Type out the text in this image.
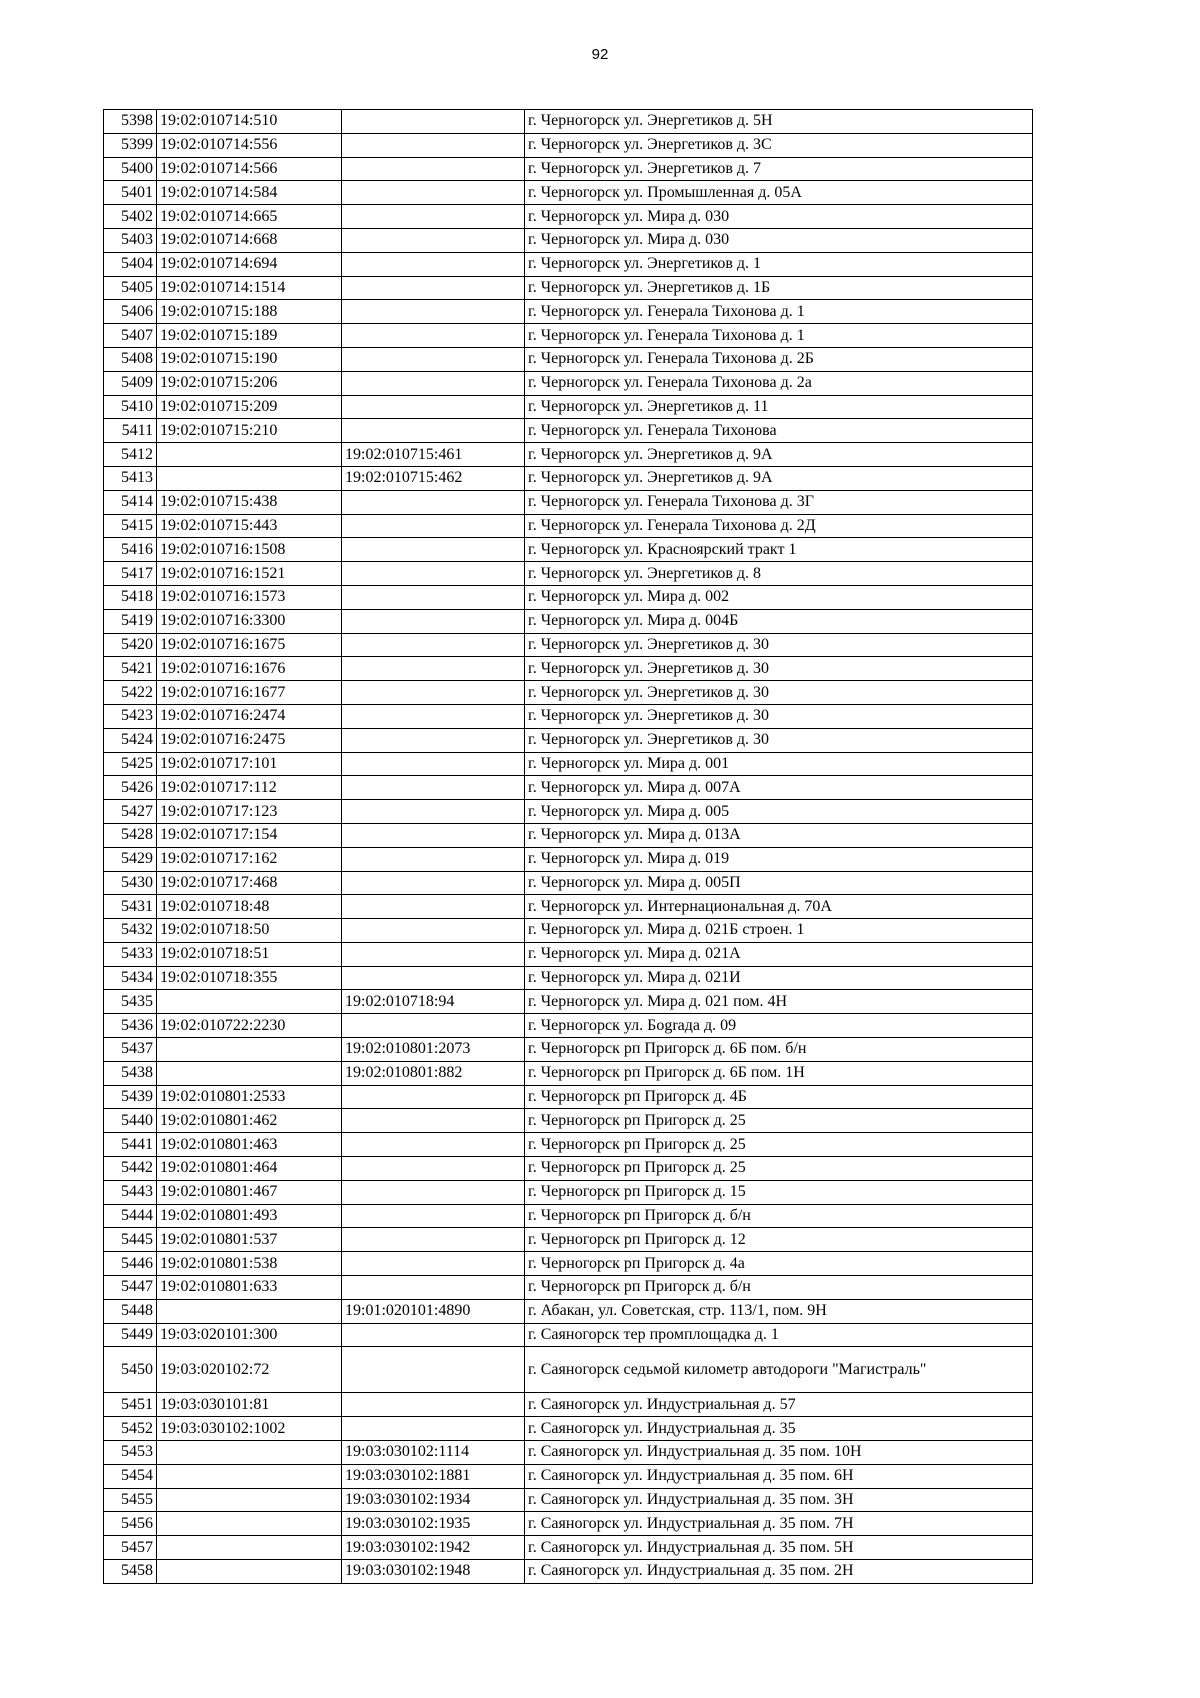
92
5398	19:02:010714:510		г. Черногорск ул. Энергетиков д. 5Н
5399	19:02:010714:556		г. Черногорск ул. Энергетиков д. 3С
5400	19:02:010714:566		г. Черногорск ул. Энергетиков д. 7
5401	19:02:010714:584		г. Черногорск ул. Промышленная д. 05А
5402	19:02:010714:665		г. Черногорск ул. Мира д. 030
5403	19:02:010714:668		г. Черногорск ул. Мира д. 030
5404	19:02:010714:694		г. Черногорск ул. Энергетиков д. 1
5405	19:02:010714:1514		г. Черногорск ул. Энергетиков д. 1Б
5406	19:02:010715:188		г. Черногорск ул. Генерала Тихонова д. 1
5407	19:02:010715:189		г. Черногорск ул. Генерала Тихонова д. 1
5408	19:02:010715:190		г. Черногорск ул. Генерала Тихонова д. 2Б
5409	19:02:010715:206		г. Черногорск ул. Генерала Тихонова д. 2а
5410	19:02:010715:209		г. Черногорск ул. Энергетиков д. 11
5411	19:02:010715:210		г. Черногорск ул. Генерала Тихонова
5412		19:02:010715:461	г. Черногорск ул. Энергетиков д. 9А
5413		19:02:010715:462	г. Черногорск ул. Энергетиков д. 9А
5414	19:02:010715:438		г. Черногорск ул. Генерала Тихонова д. 3Г
5415	19:02:010715:443		г. Черногорск ул. Генерала Тихонова д. 2Д
5416	19:02:010716:1508		г. Черногорск ул. Красноярский тракт 1
5417	19:02:010716:1521		г. Черногорск ул. Энергетиков д. 8
5418	19:02:010716:1573		г. Черногорск ул. Мира д. 002
5419	19:02:010716:3300		г. Черногорск ул. Мира д. 004Б
5420	19:02:010716:1675		г. Черногорск ул. Энергетиков д. 30
5421	19:02:010716:1676		г. Черногорск ул. Энергетиков д. 30
5422	19:02:010716:1677		г. Черногорск ул. Энергетиков д. 30
5423	19:02:010716:2474		г. Черногорск ул. Энергетиков д. 30
5424	19:02:010716:2475		г. Черногорск ул. Энергетиков д. 30
5425	19:02:010717:101		г. Черногорск ул. Мира д. 001
5426	19:02:010717:112		г. Черногорск ул. Мира д. 007А
5427	19:02:010717:123		г. Черногорск ул. Мира д. 005
5428	19:02:010717:154		г. Черногорск ул. Мира д. 013А
5429	19:02:010717:162		г. Черногорск ул. Мира д. 019
5430	19:02:010717:468		г. Черногорск ул. Мира д. 005П
5431	19:02:010718:48		г. Черногорск ул. Интернациональная д. 70А
5432	19:02:010718:50		г. Черногорск ул. Мира д. 021Б строен. 1
5433	19:02:010718:51		г. Черногорск ул. Мира д. 021А
5434	19:02:010718:355		г. Черногорск ул. Мира д. 021И
5435		19:02:010718:94	г. Черногорск ул. Мира д. 021 пом. 4Н
5436	19:02:010722:2230		г. Черногорск ул. Бograда д. 09
5437		19:02:010801:2073	г. Черногорск рп Пригорск д. 6Б пом. б/н
5438		19:02:010801:882	г. Черногорск рп Пригорск д. 6Б пом. 1Н
5439	19:02:010801:2533		г. Черногорск рп Пригорск д. 4Б
5440	19:02:010801:462		г. Черногорск рп Пригорск д. 25
5441	19:02:010801:463		г. Черногорск рп Пригорск д. 25
5442	19:02:010801:464		г. Черногорск рп Пригорск д. 25
5443	19:02:010801:467		г. Черногорск рп Пригорск д. 15
5444	19:02:010801:493		г. Черногорск рп Пригорск д. б/н
5445	19:02:010801:537		г. Черногорск рп Пригорск д. 12
5446	19:02:010801:538		г. Черногорск рп Пригорск д. 4а
5447	19:02:010801:633		г. Черногорск рп Пригорск д. б/н
5448		19:01:020101:4890	г. Абакан, ул. Советская, стр. 113/1, пом. 9Н
5449	19:03:020101:300		г. Саяногорск тер промплощадка д. 1
5450	19:03:020102:72		г. Саяногорск седьмой километр автодороги "Магистраль"
5451	19:03:030101:81		г. Саяногорск ул. Индустриальная д. 57
5452	19:03:030102:1002		г. Саяногорск ул. Индустриальная д. 35
5453		19:03:030102:1114	г. Саяногорск ул. Индустриальная д. 35 пом. 10Н
5454		19:03:030102:1881	г. Саяногорск ул. Индустриальная д. 35 пом. 6Н
5455		19:03:030102:1934	г. Саяногорск ул. Индустриальная д. 35 пом. 3Н
5456		19:03:030102:1935	г. Саяногорск ул. Индустриальная д. 35 пом. 7Н
5457		19:03:030102:1942	г. Саяногорск ул. Индустриальная д. 35 пом. 5Н
5458		19:03:030102:1948	г. Саяногорск ул. Индустриальная д. 35 пом. 2Н
